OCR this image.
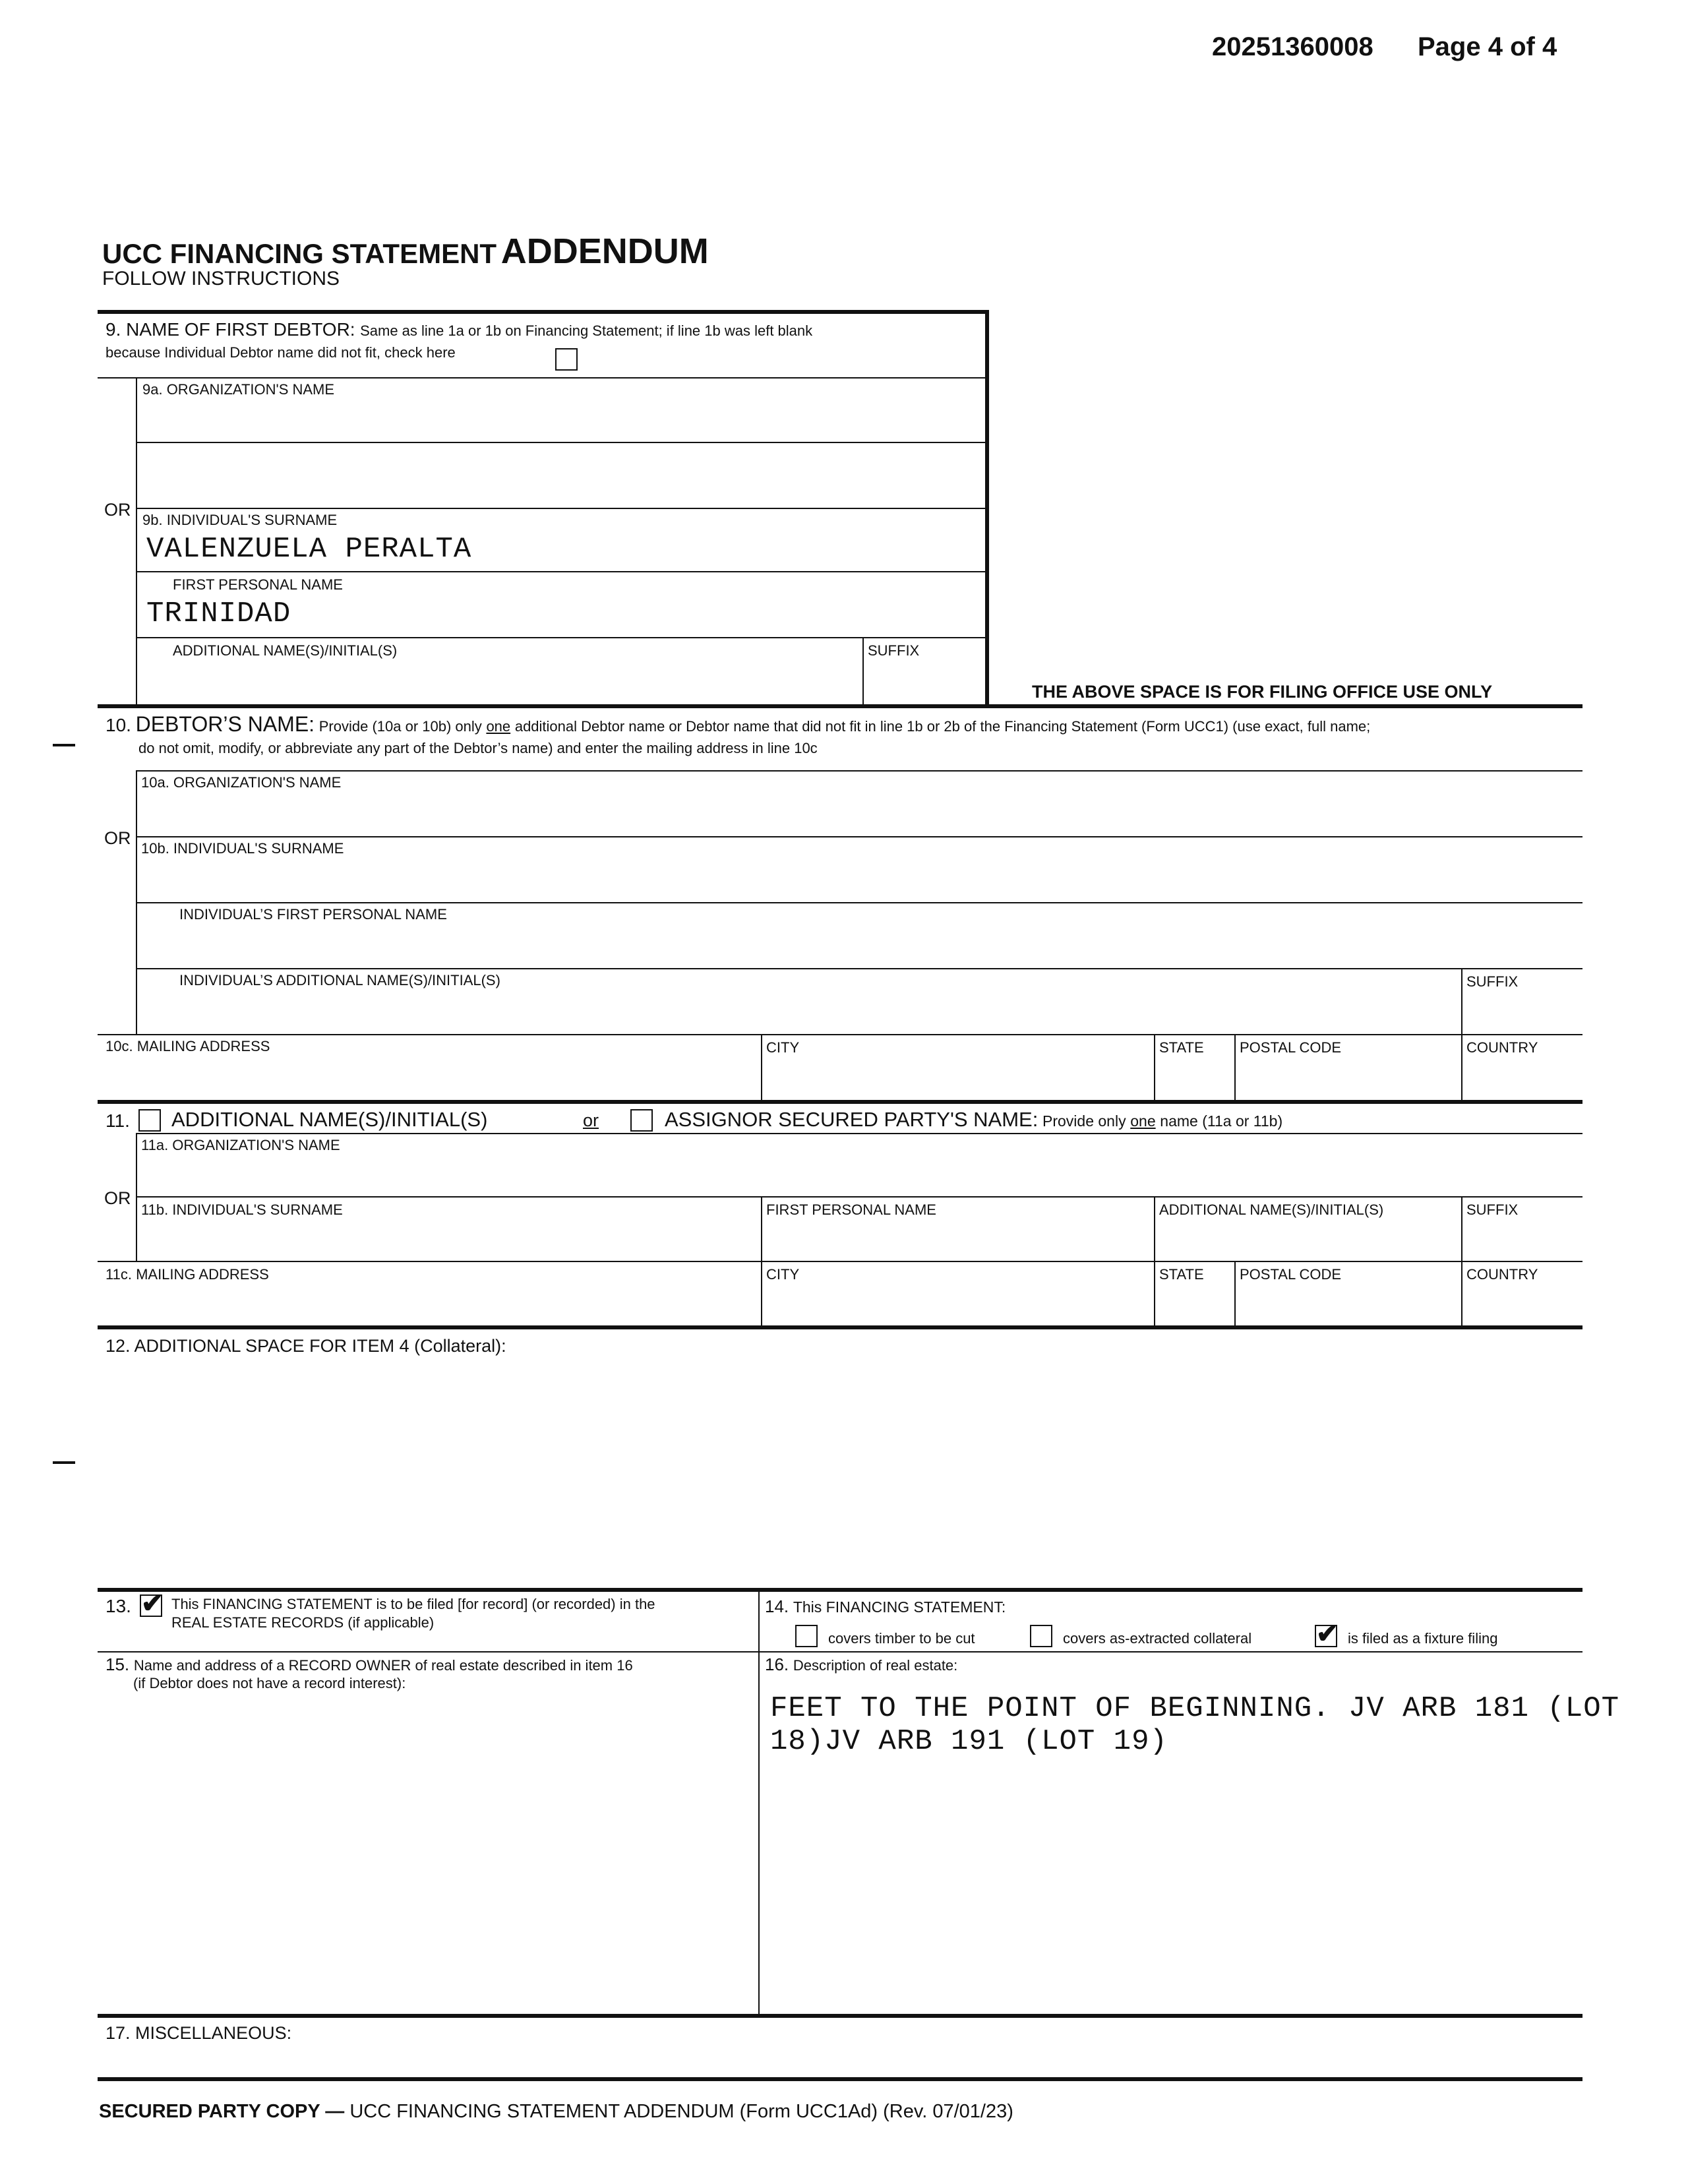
20251360008 Page 4 of 4
UCC FINANCING STATEMENT ADDENDUM
FOLLOW INSTRUCTIONS
9. NAME OF FIRST DEBTOR: Same as line 1a or 1b on Financing Statement; if line 1b was left blank
because Individual Debtor name did not fit, check here
9a. ORGANIZATION'S NAME
OR
9b. INDIVIDUAL'S SURNAME
VALENZUELA PERALTA
FIRST PERSONAL NAME
TRINIDAD
ADDITIONAL NAME(S)/INITIAL(S)	SUFFIX
THE ABOVE SPACE IS FOR FILING OFFICE USE ONLY
10. DEBTOR’S NAME: Provide (10a or 10b) only one additional Debtor name or Debtor name that did not fit in line 1b or 2b of the Financing Statement (Form UCC1) (use exact, full name;
do not omit, modify, or abbreviate any part of the Debtor’s name) and enter the mailing address in line 10c
10a. ORGANIZATION'S NAME
OR
10b. INDIVIDUAL'S SURNAME
INDIVIDUAL’S FIRST PERSONAL NAME
INDIVIDUAL’S ADDITIONAL NAME(S)/INITIAL(S)	SUFFIX
10c. MAILING ADDRESS	CITY	STATE POSTAL CODE	COUNTRY
11. ADDITIONAL NAME(S)/INITIAL(S)	or	ASSIGNOR SECURED PARTY'S NAME: Provide only one name (11a or 11b)
11a. ORGANIZATION'S NAME
OR
11b. INDIVIDUAL'S SURNAME	FIRST PERSONAL NAME	ADDITIONAL NAME(S)/INITIAL(S)	SUFFIX
11c. MAILING ADDRESS	CITY	STATE POSTAL CODE	COUNTRY
12. ADDITIONAL SPACE FOR ITEM 4 (Collateral):
13. ✔ This FINANCING STATEMENT is to be filed [for record] (or recorded) in the
REAL ESTATE RECORDS (if applicable)
14. This FINANCING STATEMENT:
covers timber to be cut	covers as-extracted collateral ✔ is filed as a fixture filing
15. Name and address of a RECORD OWNER of real estate described in item 16
(if Debtor does not have a record interest):
16. Description of real estate:
FEET TO THE POINT OF BEGINNING. JV ARB 181 (LOT
18)JV ARB 191 (LOT 19)
17. MISCELLANEOUS:
SECURED PARTY COPY — UCC FINANCING STATEMENT ADDENDUM (Form UCC1Ad) (Rev. 07/01/23)
